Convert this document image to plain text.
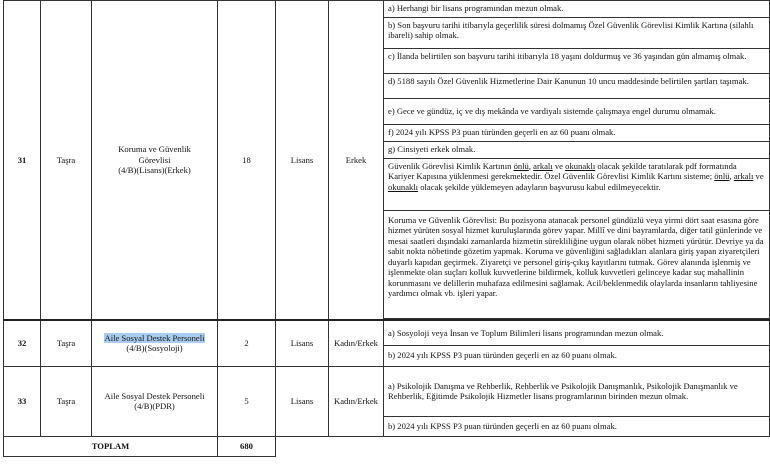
31	Taşra	Koruma ve Güvenlik
Görevlisi
(4/B)(Lisans)(Erkek)	18	Lisans	Erkek	a) Herhangi bir lisans programından mezun olmak.
						b) Son başvuru tarihi itibarıyla geçerlilik süresi dolmamış Özel Güvenlik Görevlisi Kimlik Kartına (silahlı ibareli) sahip olmak.
						c) İlanda belirtilen son başvuru tarihi itibarıyla 18 yaşını doldurmuş ve 36 yaşından gün almamış olmak.
						d) 5188 sayılı Özel Güvenlik Hizmetlerine Dair Kanunun 10 uncu maddesinde belirtilen şartları taşımak.
						e) Gece ve gündüz, iç ve dış mekânda ve vardiyalı sistemde çalışmaya engel durumu olmamak.
						f) 2024 yılı KPSS P3 puan türünden geçerli en az 60 puanı olmak.
						g) Cinsiyeti erkek olmak.
						Güvenlik Görevlisi Kimlik Kartının önlü, arkalı ve okunaklı olacak şekilde taratılarak pdf formatında Kariyer Kapısına yüklenmesi gerekmektedir. Özel Güvenlik Görevlisi Kimlik Kartını sisteme; önlü, arkalı ve okunaklı olacak şekilde yüklemeyen adayların başvurusu kabul edilmeyecektir.
						Koruma ve Güvenlik Görevlisi: Bu pozisyona atanacak personel gündüzlü veya yirmi dört saat esasına göre hizmet yürüten sosyal hizmet kuruluşlarında görev yapar. Millî ve dini bayramlarda, diğer tatil günlerinde ve mesai saatleri dışındaki zamanlarda hizmetin sürekliliğine uygun olarak nöbet hizmeti yürütür. Devriye ya da sabit nokta nöbetinde gözetim yapmak. Koruma ve güvenliğini sağladıkları alanlara giriş yapan ziyaretçileri duyarlı kapıdan geçirmek. Ziyaretçi ve personel giriş-çıkış kayıtlarını tutmak. Görev alanında işlenmiş ve işlenmekte olan suçları kolluk kuvvetlerine bildirmek, kolluk kuvvetleri gelinceye kadar suç mahallinin korunmasını ve delillerin muhafaza edilmesini sağlamak. Acil/beklenmedik olaylarda insanların tahliyesine yardımcı olmak vb. işleri yapar.

32	Taşra	Aile Sosyal Destek Personeli
(4/B)(Sosyoloji)	2	Lisans	Kadın/Erkek	a) Sosyoloji veya İnsan ve Toplum Bilimleri lisans programından mezun olmak.
						b) 2024 yılı KPSS P3 puan türünden geçerli en az 60 puanı olmak.
33	Taşra	Aile Sosyal Destek Personeli
(4/B)(PDR)	5	Lisans	Kadın/Erkek	a) Psikolojik Danışma ve Rehberlik, Rehberlik ve Psikolojik Danışmanlık, Psikolojik Danışmanlık ve Rehberlik, Eğitimde Psikolojik Hizmetler lisans programlarının birinden mezun olmak.
						b) 2024 yılı KPSS P3 puan türünden geçerli en az 60 puanı olmak.
TOPLAM			680			
